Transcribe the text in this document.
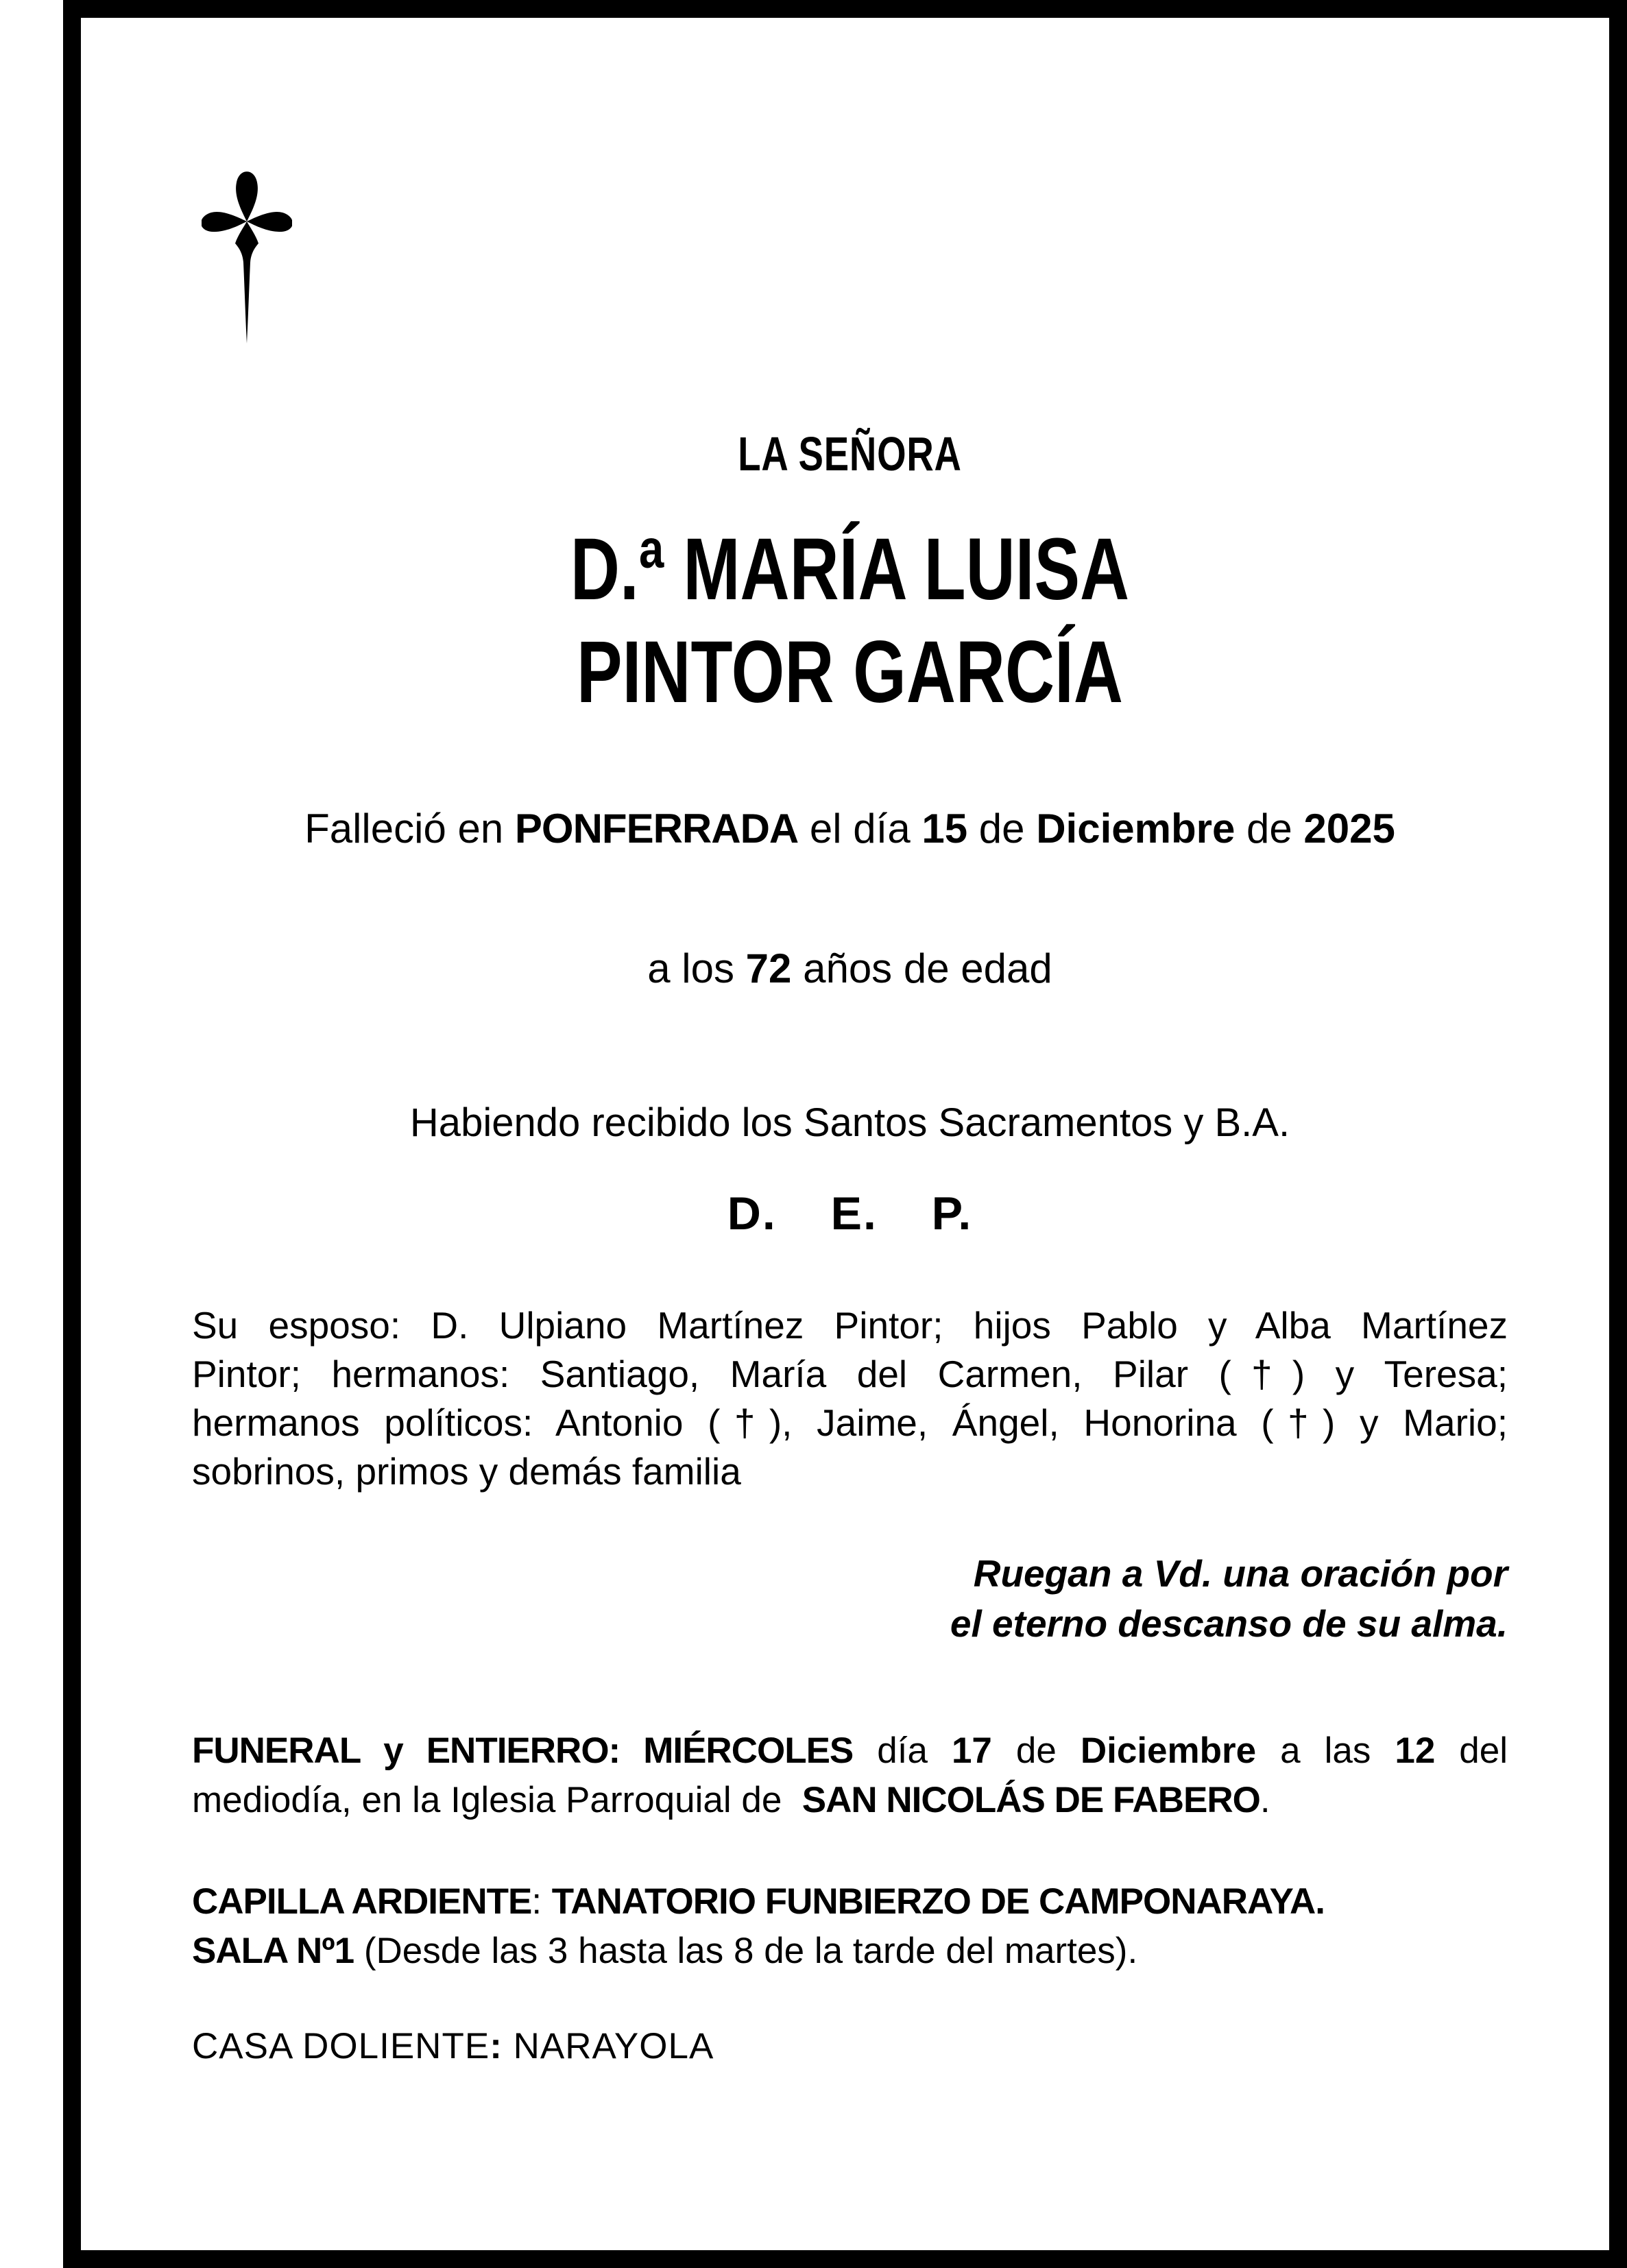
LA SEÑORA
D.ª MARÍA LUISA
PINTOR GARCÍA
Falleció en PONFERRADA el día 15 de Diciembre de 2025
a los 72 años de edad
Habiendo recibido los Santos Sacramentos y B.A.
D. E. P.
Su esposo: D. Ulpiano Martínez Pintor; hijos Pablo y Alba Martínez
Pintor; hermanos: Santiago, María del Carmen, Pilar (†) y Teresa;
hermanos políticos: Antonio (†), Jaime, Ángel, Honorina (†) y Mario;
sobrinos, primos y demás familia
Ruegan a Vd. una oración por
el eterno descanso de su alma.
FUNERAL y ENTIERRO: MIÉRCOLES día 17 de Diciembre a las 12 del
mediodía, en la Iglesia Parroquial de  SAN NICOLÁS DE FABERO.
CAPILLA ARDIENTE: TANATORIO FUNBIERZO DE CAMPONARAYA.
SALA Nº1 (Desde las 3 hasta las 8 de la tarde del martes).
CASA DOLIENTE: NARAYOLA
